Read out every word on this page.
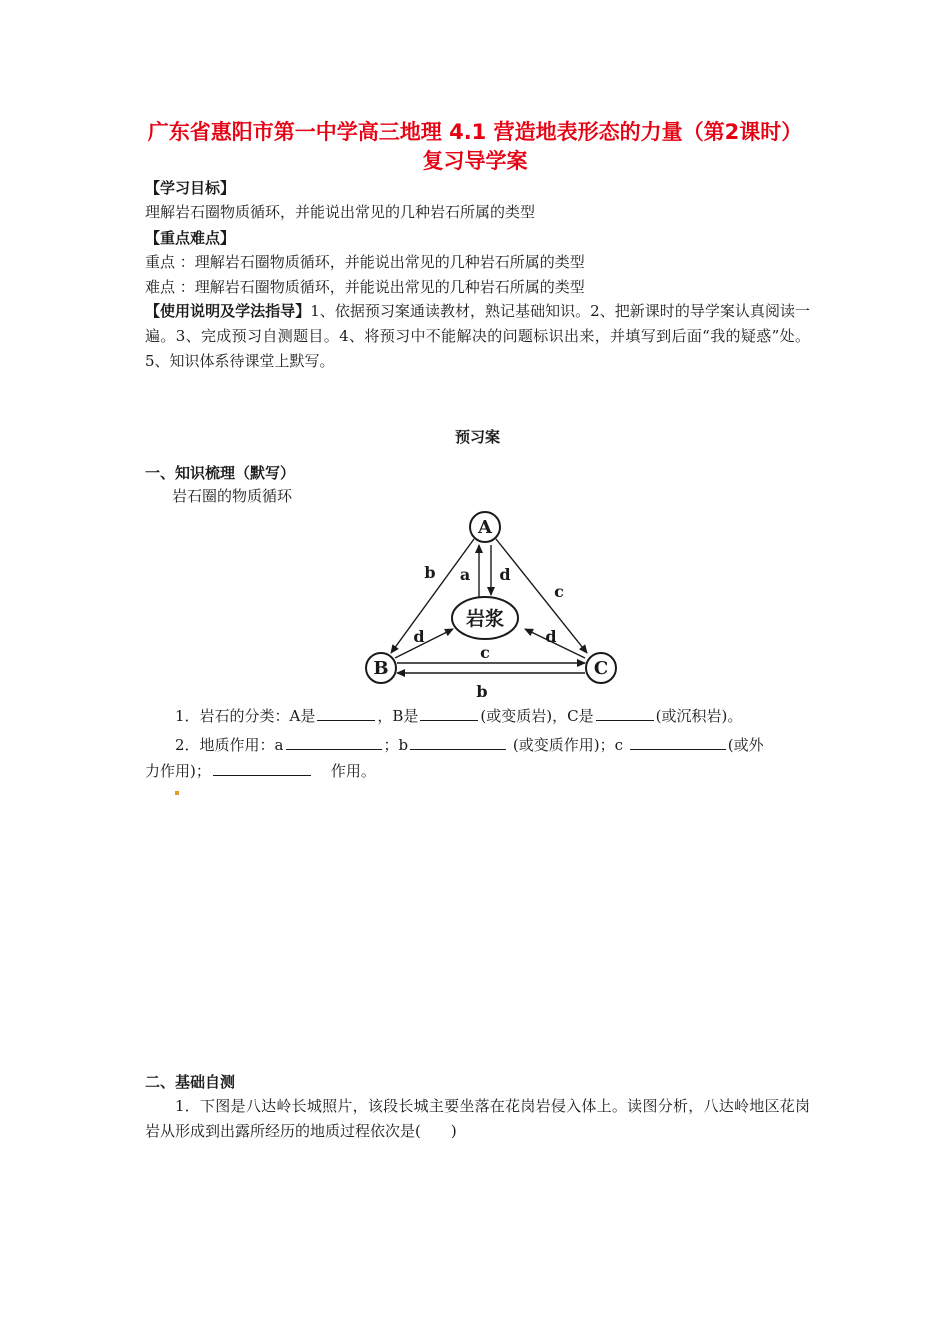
广东省惠阳市第一中学高三地理 4.1 营造地表形态的力量（第2课时）复习导学案
【学习目标】
理解岩石圈物质循环，并能说出常见的几种岩石所属的类型
【重点难点】
重点 ：理解岩石圈物质循环，并能说出常见的几种岩石所属的类型
难点 ：理解岩石圈物质循环，并能说出常见的几种岩石所属的类型
【使用说明及学法指导】1、依据预习案通读教材，熟记基础知识。2、把新课时的导学案认真阅读一遍。3、完成预习自测题目。4、将预习中不能解决的问题标识出来，并填写到后面“我的疑惑”处。5、知识体系待课堂上默写。
预习案
一、知识梳理（默写）
岩石圈的物质循环
A
B	C
岩浆
b a d
c
d	d
c
b
1．岩石的分类：A是	，B是	(或变质岩)，C是	(或沉积岩)。
2．地质作用：a	；b	(或变质作用)；c	(或外
力作用)；	作用。
二、基础自测
1．下图是八达岭长城照片，该段长城主要坐落在花岗岩侵入体上。读图分析，八达岭地区花岗岩从形成到出露所经历的地质过程依次是(　　)
